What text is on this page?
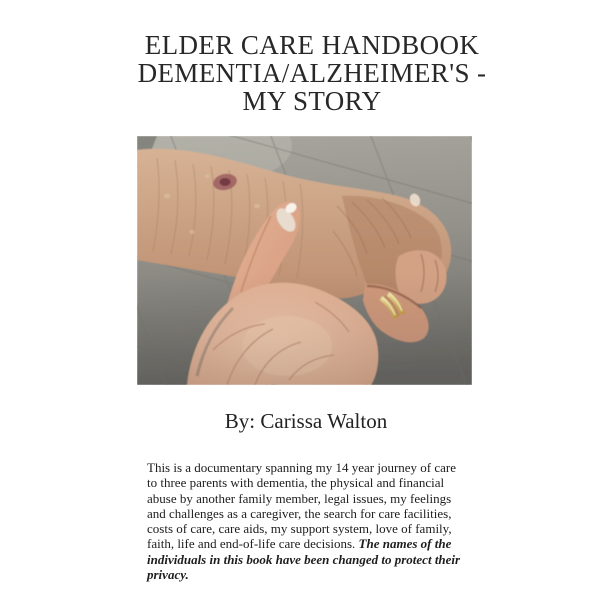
ELDER CARE HANDBOOK
DEMENTIA/ALZHEIMER'S -
MY STORY
By: Carissa Walton

This is a documentary spanning my 14 year journey of care to three parents with dementia, the physical and financial abuse by another family member, legal issues, my feelings and challenges as a caregiver, the search for care facilities, costs of care, care aids, my support system, love of family, faith, life and end-of-life care decisions. The names of the individuals in this book have been changed to protect their privacy.
